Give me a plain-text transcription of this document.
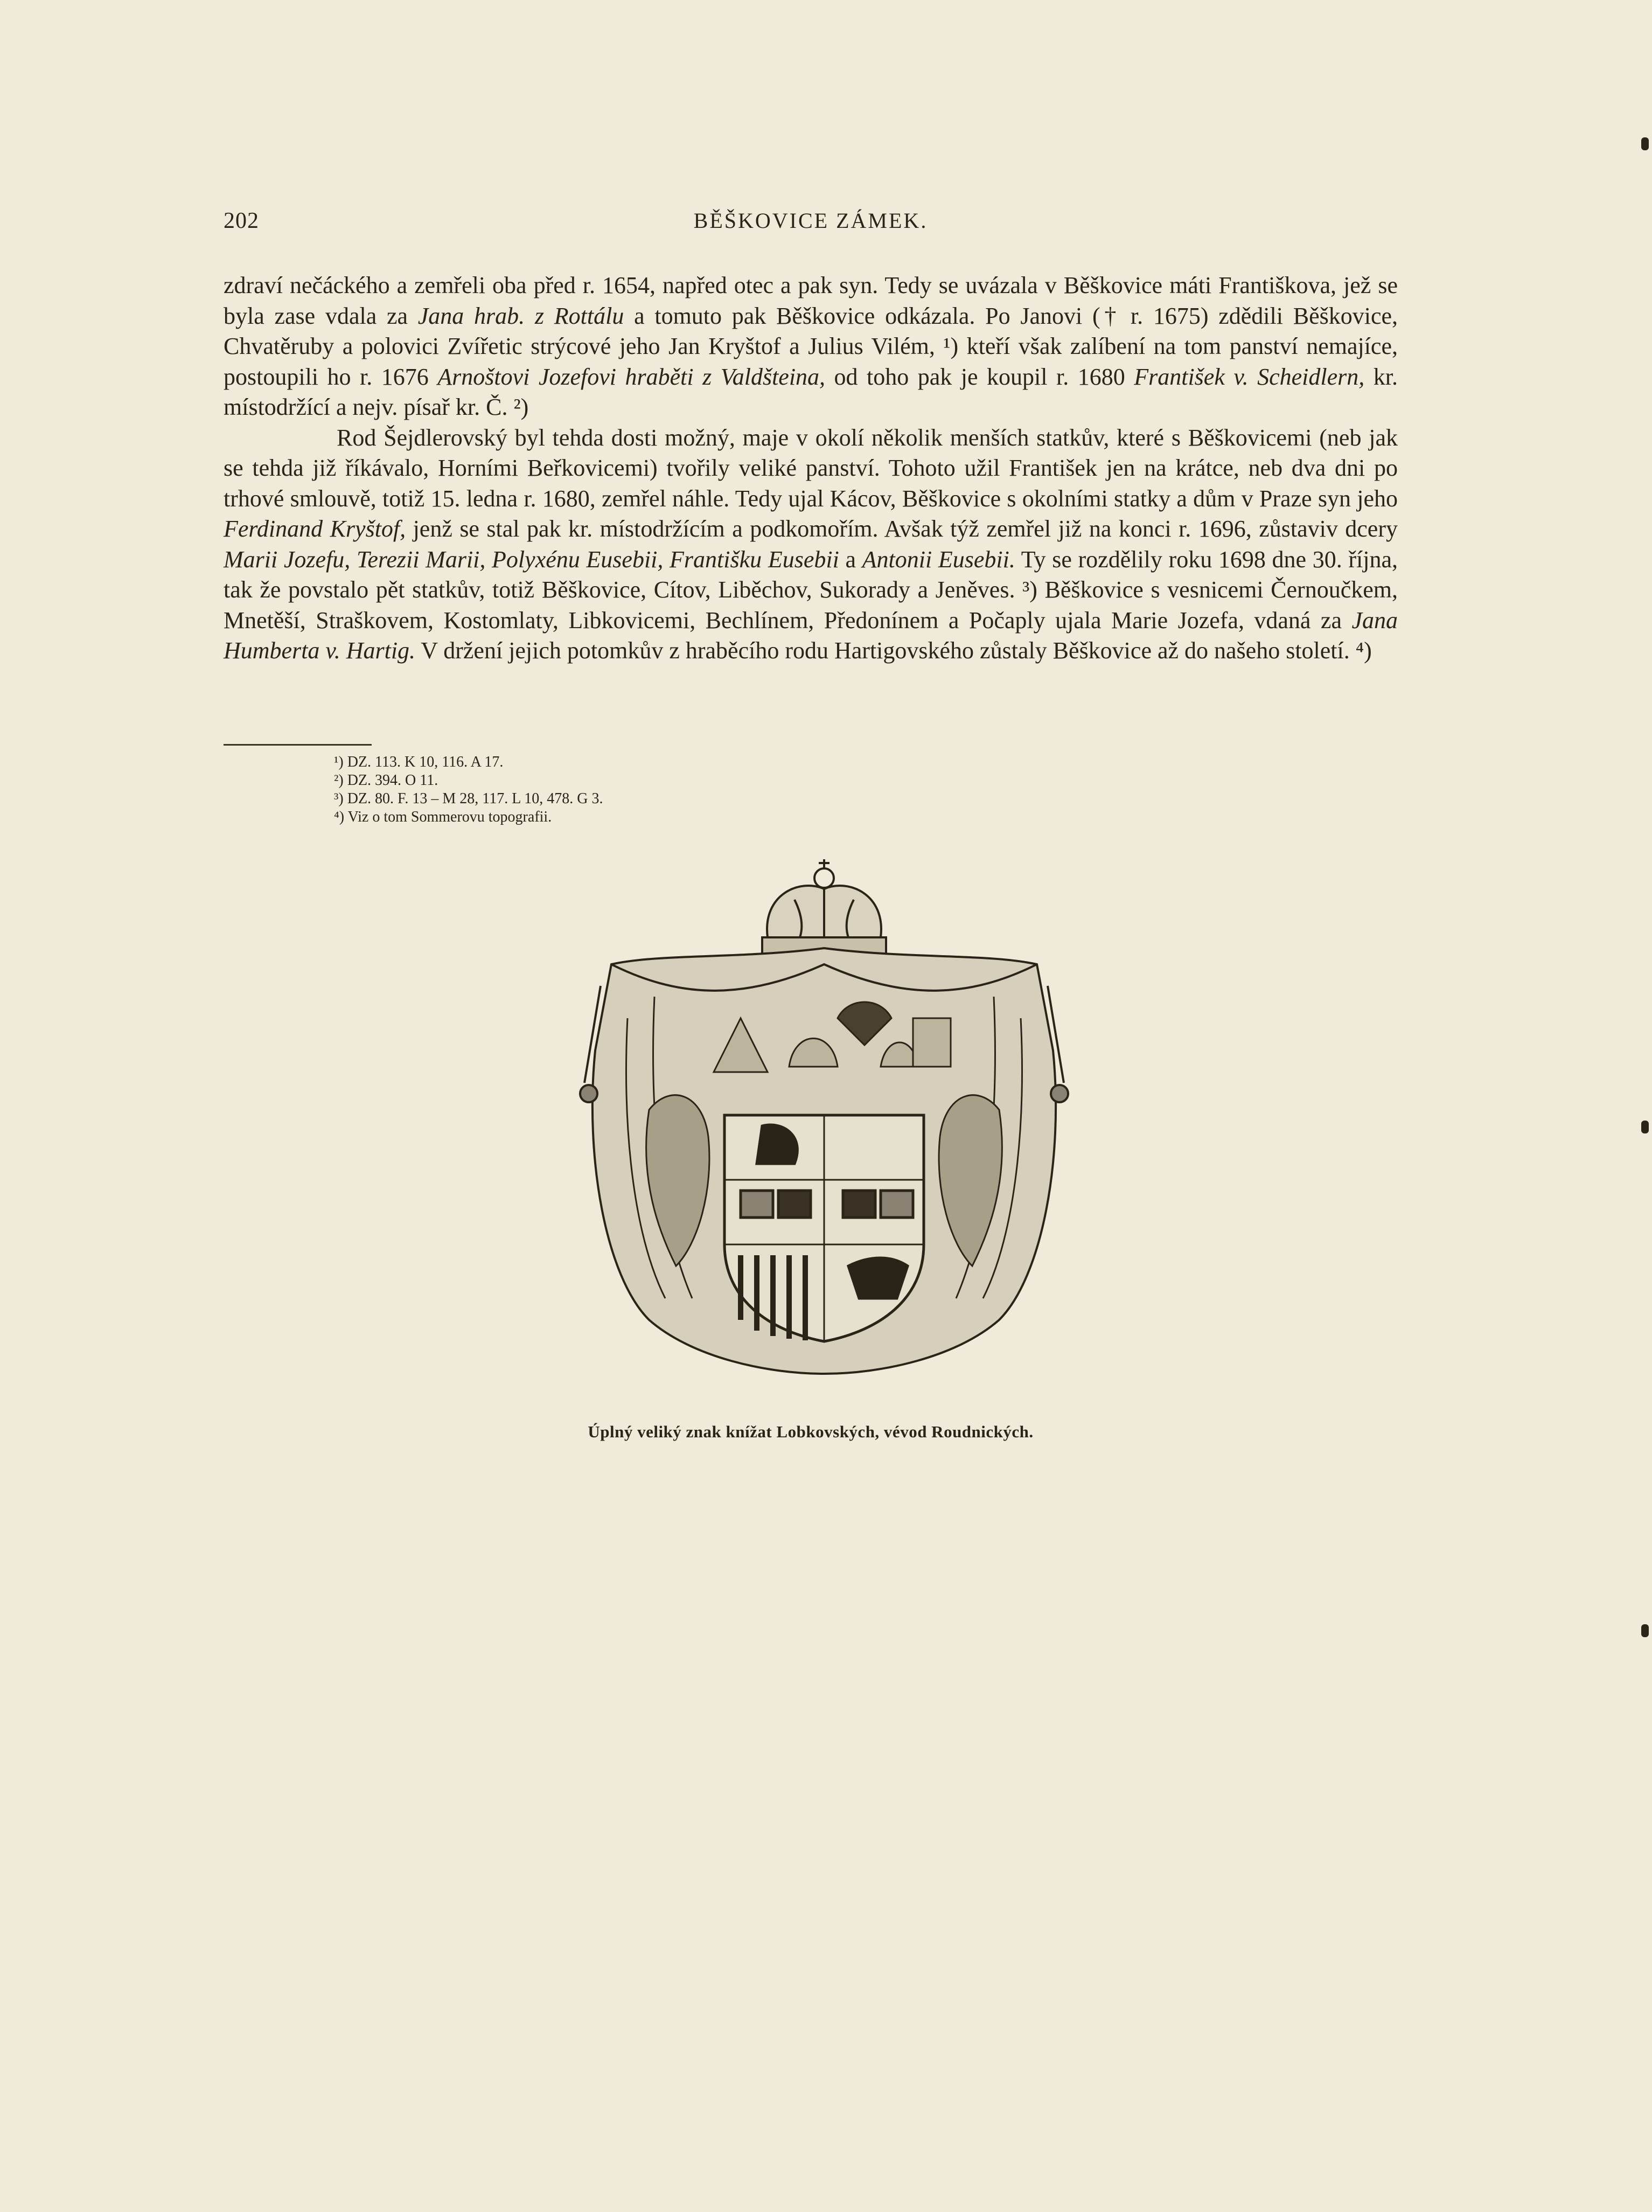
202	BĚŠKOVICE ZÁMEK.

zdraví nečáckého a zemřeli oba před r. 1654, napřed otec a pak syn. Tedy se uvázala v Běškovice máti Františkova, jež se byla zase vdala za Jana hrab. z Rottálu a tomuto pak Běškovice odkázala. Po Janovi († r. 1675) zdědili Běškovice, Chvatěruby a polovici Zvířetic strýcové jeho Jan Kryštof a Julius Vilém, ¹) kteří však zalíbení na tom panství nemajíce, postoupili ho r. 1676 Arnoštovi Jozefovi hraběti z Valdšteina, od toho pak je koupil r. 1680 František v. Scheidlern, kr. místodržící a nejv. písař kr. Č. ²)

Rod Šejdlerovský byl tehda dosti možný, maje v okolí několik menších statkův, které s Běškovicemi (neb jak se tehda již říkávalo, Horními Beřkovicemi) tvořily veliké panství. Tohoto užil František jen na krátce, neb dva dni po trhové smlouvě, totiž 15. ledna r. 1680, zemřel náhle. Tedy ujal Kácov, Běškovice s okolními statky a dům v Praze syn jeho Ferdinand Kryštof, jenž se stal pak kr. místodržícím a podkomořím. Avšak týž zemřel již na konci r. 1696, zůstaviv dcery Marii Jozefu, Terezii Marii, Polyxénu Eusebii, Františku Eusebii a Antonii Eusebii. Ty se rozdělily roku 1698 dne 30. října, tak že povstalo pět statkův, totiž Běškovice, Cítov, Liběchov, Sukorady a Jeněves. ³) Běškovice s vesnicemi Černoučkem, Mnetěší, Straškovem, Kostomlaty, Libkovicemi, Bechlínem, Předonínem a Počaply ujala Marie Jozefa, vdaná za Jana Humberta v. Hartig. V držení jejich potomkův z hraběcího rodu Hartigovského zůstaly Běškovice až do našeho století. ⁴)

¹) DZ. 113. K 10, 116. A 17.
²) DZ. 394. O 11.
³) DZ. 80. F. 13 – M 28, 117. L 10, 478. G 3.
⁴) Viz o tom Sommerovu topografii.
Úplný veliký znak knížat Lobkovských, vévod Roudnických.
